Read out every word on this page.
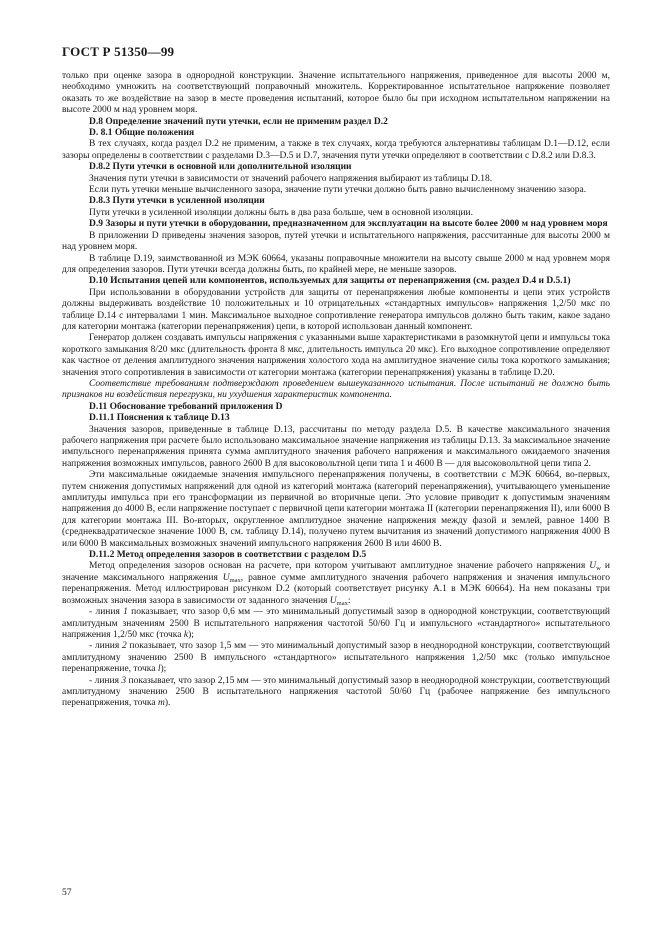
ГОСТ Р 51350—99

только при оценке зазора в однородной конструкции. Значение испытательного напряжения, приведенное для высоты 2000 м, необходимо умножить на соответствующий поправочный множитель. Корректированное испытательное напряжение позволяет оказать то же воздействие на зазор в месте проведения испытаний, которое было бы при исходном испытательном напряжении на высоте 2000 м над уровнем моря.

D.8 Определение значений пути утечки, если не применим раздел D.2

D. 8.1 Общие положения

В тех случаях, когда раздел D.2 не применим, а также в тех случаях, когда требуются альтернативы таблицам D.1—D.12, если зазоры определены в соответствии с разделами D.3—D.5 и D.7, значения пути утечки определяют в соответствии с D.8.2 или D.8.3.

D.8.2 Пути утечки в основной или дополнительной изоляции

Значения пути утечки в зависимости от значений рабочего напряжения выбирают из таблицы D.18.

Если путь утечки меньше вычисленного зазора, значение пути утечки должно быть равно вычисленному значению зазора.

D.8.3 Пути утечки в усиленной изоляции

Пути утечки в усиленной изоляции должны быть в два раза больше, чем в основной изоляции.

D.9 Зазоры и пути утечки в оборудовании, предназначенном для эксплуатации на высоте более 2000 м над уровнем моря

В приложении D приведены значения зазоров, путей утечки и испытательного напряжения, рассчитанные для высоты 2000 м над уровнем моря.

В таблице D.19, заимствованной из МЭК 60664, указаны поправочные множители на высоту свыше 2000 м над уровнем моря для определения зазоров. Пути утечки всегда должны быть, по крайней мере, не меньше зазоров.

D.10 Испытания цепей или компонентов, используемых для защиты от перенапряжения (см. раздел D.4 и D.5.1)

При использовании в оборудовании устройств для защиты от перенапряжения любые компоненты и цепи этих устройств должны выдерживать воздействие 10 положительных и 10 отрицательных «стандартных импульсов» напряжения 1,2/50 мкс по таблице D.14 с интервалами 1 мин. Максимальное выходное сопротивление генератора импульсов должно быть таким, какое задано для категории монтажа (категории перенапряжения) цепи, в которой использован данный компонент.

Генератор должен создавать импульсы напряжения с указанными выше характеристиками в разомкнутой цепи и импульсы тока короткого замыкания 8/20 мкс (длительность фронта 8 мкс, длительность импульса 20 мкс). Его выходное сопротивление определяют как частное от деления амплитудного значения напряжения холостого хода на амплитудное значение силы тока короткого замыкания; значения этого сопротивления в зависимости от категории монтажа (категории перенапряжения) указаны в таблице D.20.

Соответствие требованиям подтверждают проведением вышеуказанного испытания. После испытаний не должно быть признаков ни воздействия перегрузки, ни ухудшения характеристик компонента.

D.11 Обоснование требований приложения D

D.11.1 Пояснения к таблице D.13

Значения зазоров, приведенные в таблице D.13, рассчитаны по методу раздела D.5. В качестве максимального значения рабочего напряжения при расчете было использовано максимальное значение напряжения из таблицы D.13. За максимальное значение импульсного перенапряжения принята сумма амплитудного значения рабочего напряжения и максимального ожидаемого значения напряжения возможных импульсов, равного 2600 В для высоковольтной цепи типа 1 и 4600 В — для высоковольтной цепи типа 2.

Эти максимальные ожидаемые значения импульсного перенапряжения получены, в соответствии с МЭК 60664, во-первых, путем снижения допустимых напряжений для одной из категорий монтажа (категорий перенапряжения), учитывающего уменьшение амплитуды импульса при его трансформации из первичной во вторичные цепи. Это условие приводит к допустимым значениям напряжения до 4000 В, если напряжение поступает с первичной цепи категории монтажа II (категории перенапряжения II), или 6000 В для категории монтажа III. Во-вторых, округленное амплитудное значение напряжения между фазой и землей, равное 1400 В (среднеквадратическое значение 1000 В, см. таблицу D.14), получено путем вычитания из значений допустимого напряжения 4000 В или 6000 В максимальных возможных значений импульсного напряжения 2600 В или 4600 В.

D.11.2 Метод определения зазоров в соответствии с разделом D.5

Метод определения зазоров основан на расчете, при котором учитывают амплитудное значение рабочего напряжения $U_w$ и значение максимального напряжения $U_{max}$, равное сумме амплитудного значения рабочего напряжения и значения импульсного перенапряжения. Метод иллюстрирован рисунком D.2 (который соответствует рисунку А.1 в МЭК 60664). На нем показаны три возможных значения зазора в зависимости от заданного значения $U_{max}$:

- линия 1 показывает, что зазор 0,6 мм — это минимальный допустимый зазор в однородной конструкции, соответствующий амплитудным значениям 2500 В испытательного напряжения частотой 50/60 Гц и импульсного «стандартного» испытательного напряжения 1,2/50 мкс (точка k);

- линия 2 показывает, что зазор 1,5 мм — это минимальный допустимый зазор в неоднородной конструкции, соответствующий амплитудному значению 2500 В импульсного «стандартного» испытательного напряжения 1,2/50 мкс (только импульсное перенапряжение, точка l);

- линия 3 показывает, что зазор 2,15 мм — это минимальный допустимый зазор в неоднородной конструкции, соответствующий амплитудному значению 2500 В испытательного напряжения частотой 50/60 Гц (рабочее напряжение без импульсного перенапряжения, точка m).

57
